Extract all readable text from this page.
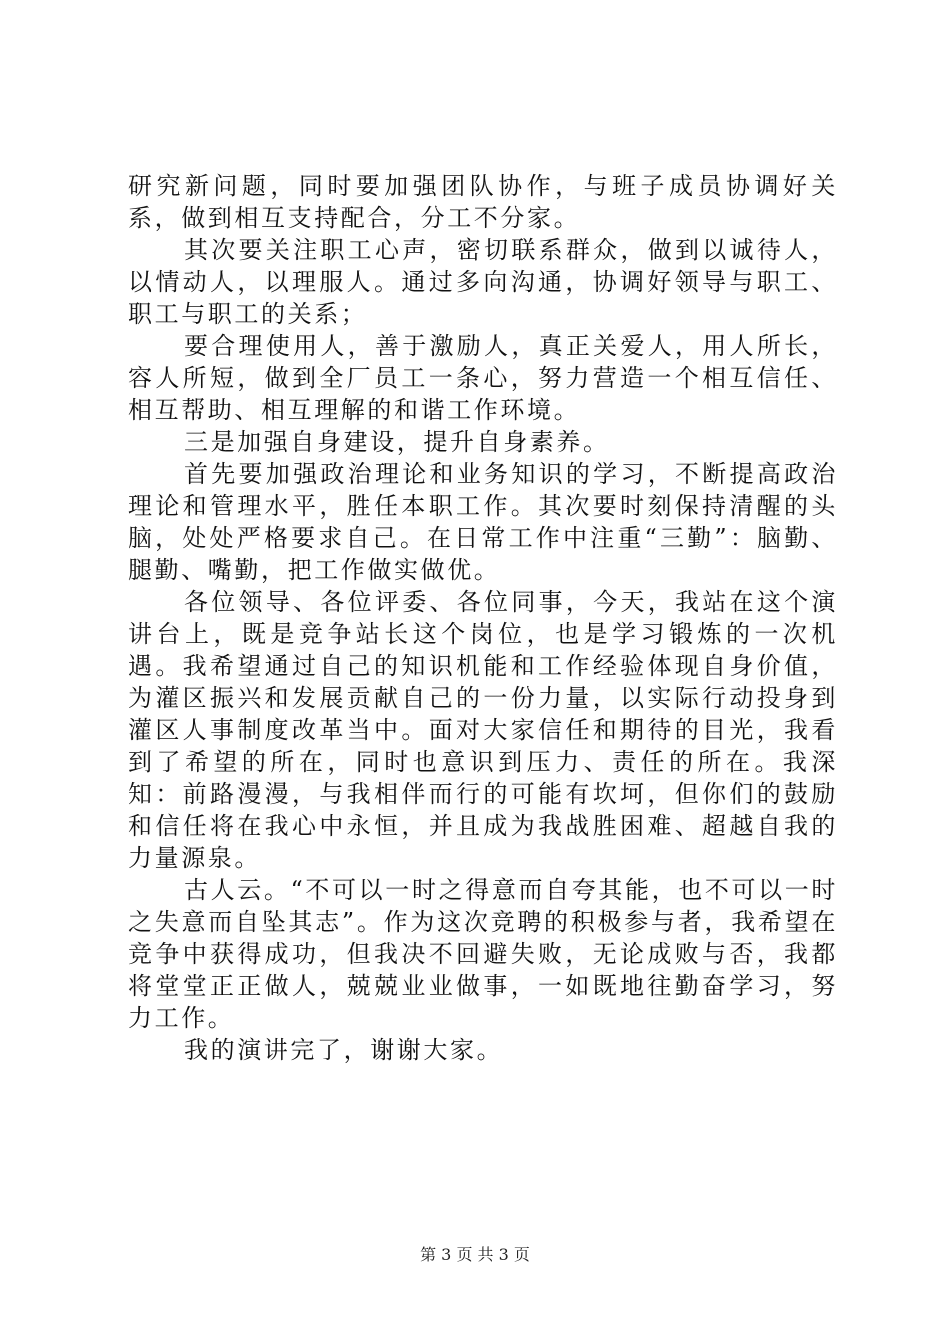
研究新问题，同时要加强团队协作，与班子成员协调好关系，做到相互支持配合，分工不分家。

其次要关注职工心声，密切联系群众，做到以诚待人，以情动人，以理服人。通过多向沟通，协调好领导与职工、职工与职工的关系；

要合理使用人，善于激励人，真正关爱人，用人所长，容人所短，做到全厂员工一条心，努力营造一个相互信任、相互帮助、相互理解的和谐工作环境。

三是加强自身建设，提升自身素养。

首先要加强政治理论和业务知识的学习，不断提高政治理论和管理水平，胜任本职工作。其次要时刻保持清醒的头脑，处处严格要求自己。在日常工作中注重“三勤”：脑勤、腿勤、嘴勤，把工作做实做优。

各位领导、各位评委、各位同事，今天，我站在这个演讲台上，既是竞争站长这个岗位，也是学习锻炼的一次机遇。我希望通过自己的知识机能和工作经验体现自身价值，为灌区振兴和发展贡献自己的一份力量，以实际行动投身到灌区人事制度改革当中。面对大家信任和期待的目光，我看到了希望的所在，同时也意识到压力、责任的所在。我深知：前路漫漫，与我相伴而行的可能有坎坷，但你们的鼓励和信任将在我心中永恒，并且成为我战胜困难、超越自我的力量源泉。

古人云。“不可以一时之得意而自夸其能，也不可以一时之失意而自坠其志”。作为这次竞聘的积极参与者，我希望在竞争中获得成功，但我决不回避失败，无论成败与否，我都将堂堂正正做人，兢兢业业做事，一如既地往勤奋学习，努力工作。

我的演讲完了，谢谢大家。

第 3 页 共 3 页
